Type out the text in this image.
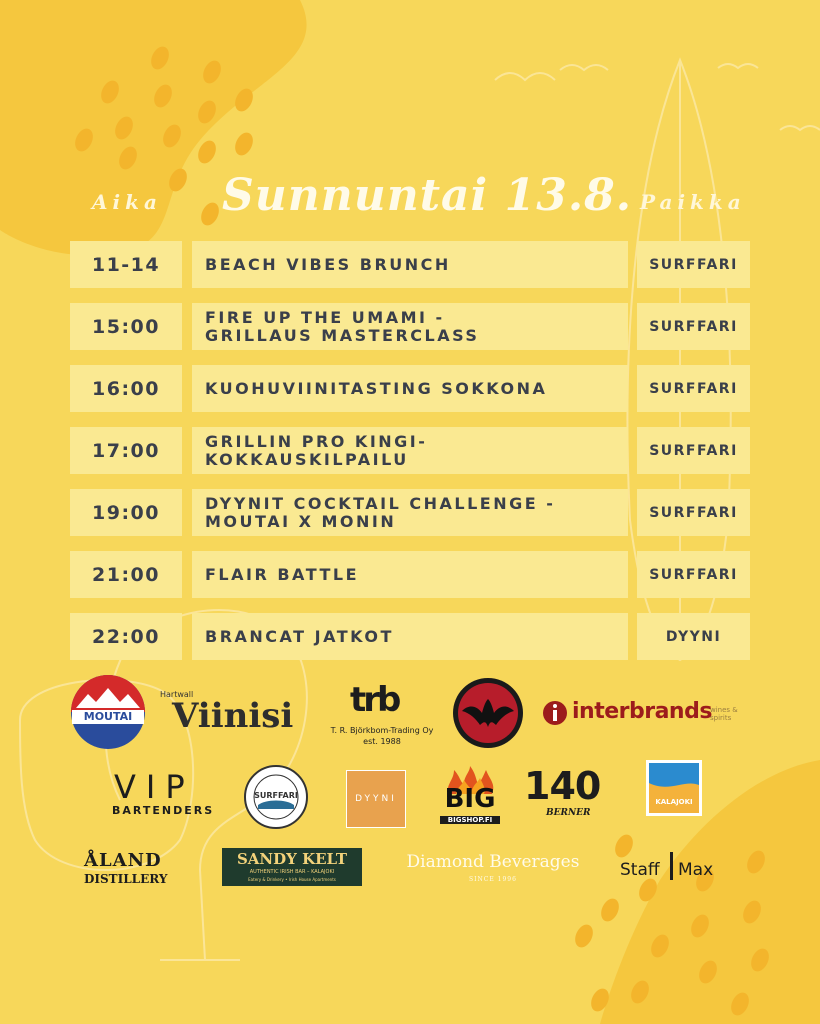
Aika Sunnuntai 13.8. Paikka
11-14	BEACH VIBES BRUNCH	SURFFARI
15:00	FIRE UP THE UMAMI -
GRILLAUS MASTERCLASS	SURFFARI
16:00	KUOHUVIINITASTING SOKKONA	SURFFARI
17:00	GRILLIN PRO KINGI-
KOKKAUSKILPAILU	SURFFARI
19:00	DYYNIT COCKTAIL CHALLENGE -
MOUTAI X MONIN	SURFFARI
21:00	FLAIR BATTLE	SURFFARI
22:00	BRANCAT JATKOT	DYYNI
MOUTAI
Hartwall
Viinisi trb
T. R. Björkbom-Trading Oy
est. 1988
interbrands
wines & spirits
VIP
BARTENDERS
SURFFARI	DYYNI BIG
BIGSHOP.FI
140
BERNER
KALAJOKI
ÅLAND
DISTILLERY
SANDY KELT
AUTHENTIC IRISH BAR – KALAJOKI
Eatery & Drinkery • Irish House Apartments
Diamond Beverages
SINCE 1996	Staff Max
